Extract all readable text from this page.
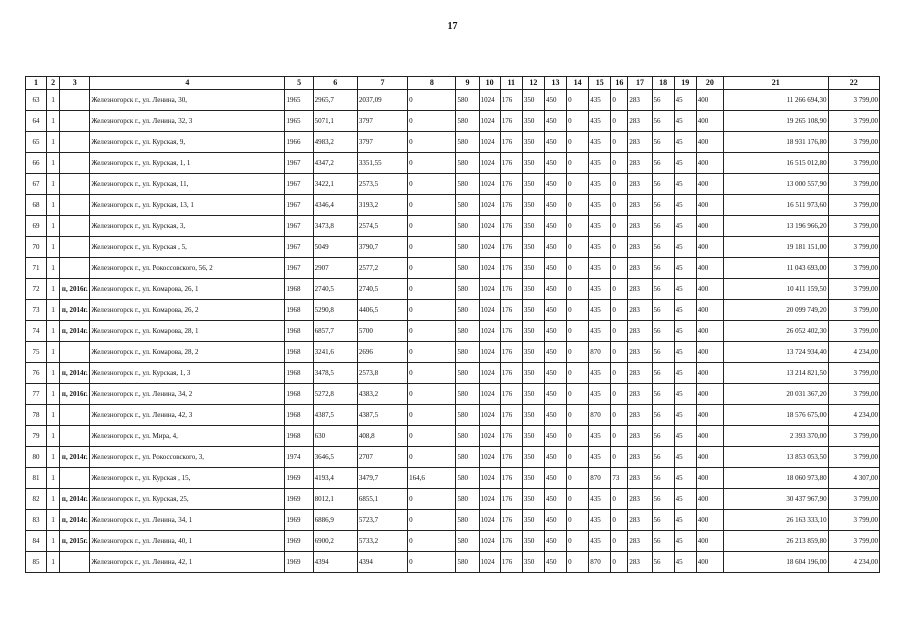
17
1	2	3	4	5	6	7	8	9	10	11	12	13	14	15	16	17	18	19	20	21	22
63	1		Железногорск г., ул. Ленина, 30,	1965	2965,7	2037,09	0	580	1024	176	350	450	0	435	0	283	56	45	400	11 266 694,30	3 799,00
64	1		Железногорск г., ул. Ленина, 32, 3	1965	5071,1	3797	0	580	1024	176	350	450	0	435	0	283	56	45	400	19 265 108,90	3 799,00
65	1		Железногорск г., ул. Курская, 9,	1966	4983,2	3797	0	580	1024	176	350	450	0	435	0	283	56	45	400	18 931 176,80	3 799,00
66	1		Железногорск г., ул. Курская, 1, 1	1967	4347,2	3351,55	0	580	1024	176	350	450	0	435	0	283	56	45	400	16 515 012,80	3 799,00
67	1		Железногорск г., ул. Курская, 11,	1967	3422,1	2573,5	0	580	1024	176	350	450	0	435	0	283	56	45	400	13 000 557,90	3 799,00
68	1		Железногорск г., ул. Курская, 13, 1	1967	4346,4	3193,2	0	580	1024	176	350	450	0	435	0	283	56	45	400	16 511 973,60	3 799,00
69	1		Железногорск г., ул. Курская, 3,	1967	3473,8	2574,5	0	580	1024	176	350	450	0	435	0	283	56	45	400	13 196 966,20	3 799,00
70	1		Железногорск г., ул. Курская , 5,	1967	5049	3790,7	0	580	1024	176	350	450	0	435	0	283	56	45	400	19 181 151,00	3 799,00
71	1		Железногорск г., ул. Рокоссовского, 56, 2	1967	2907	2577,2	0	580	1024	176	350	450	0	435	0	283	56	45	400	11 043 693,00	3 799,00
72	1	п, 2016г.	Железногорск г., ул. Комарова, 26, 1	1968	2740,5	2740,5	0	580	1024	176	350	450	0	435	0	283	56	45	400	10 411 159,50	3 799,00
73	1	п, 2014г.	Железногорск г., ул. Комарова, 26, 2	1968	5290,8	4406,5	0	580	1024	176	350	450	0	435	0	283	56	45	400	20 099 749,20	3 799,00
74	1	п, 2014г.	Железногорск г., ул. Комарова, 28, 1	1968	6857,7	5700	0	580	1024	176	350	450	0	435	0	283	56	45	400	26 052 402,30	3 799,00
75	1		Железногорск г., ул. Комарова, 28, 2	1968	3241,6	2696	0	580	1024	176	350	450	0	870	0	283	56	45	400	13 724 934,40	4 234,00
76	1	п, 2014г.	Железногорск г., ул. Курская, 1, 3	1968	3478,5	2573,8	0	580	1024	176	350	450	0	435	0	283	56	45	400	13 214 821,50	3 799,00
77	1	п, 2016г.	Железногорск г., ул. Ленина, 34, 2	1968	5272,8	4383,2	0	580	1024	176	350	450	0	435	0	283	56	45	400	20 031 367,20	3 799,00
78	1		Железногорск г., ул. Ленина, 42, 3	1968	4387,5	4387,5	0	580	1024	176	350	450	0	870	0	283	56	45	400	18 576 675,00	4 234,00
79	1		Железногорск г., ул. Мира, 4,	1968	630	408,8	0	580	1024	176	350	450	0	435	0	283	56	45	400	2 393 370,00	3 799,00
80	1	п, 2014г.	Железногорск г., ул. Рокоссовского, 3,	1974	3646,5	2707	0	580	1024	176	350	450	0	435	0	283	56	45	400	13 853 053,50	3 799,00
81	1		Железногорск г., ул. Курская , 15,	1969	4193,4	3479,7	164,6	580	1024	176	350	450	0	870	73	283	56	45	400	18 060 973,80	4 307,00
82	1	п, 2014г.	Железногорск г., ул. Курская, 25,	1969	8012,1	6855,1	0	580	1024	176	350	450	0	435	0	283	56	45	400	30 437 967,90	3 799,00
83	1	п, 2014г.	Железногорск г., ул. Ленина, 34, 1	1969	6886,9	5723,7	0	580	1024	176	350	450	0	435	0	283	56	45	400	26 163 333,10	3 799,00
84	1	п, 2015г.	Железногорск г., ул. Ленина, 40, 1	1969	6900,2	5733,2	0	580	1024	176	350	450	0	435	0	283	56	45	400	26 213 859,80	3 799,00
85	1		Железногорск г., ул. Ленина, 42, 1	1969	4394	4394	0	580	1024	176	350	450	0	870	0	283	56	45	400	18 604 196,00	4 234,00
